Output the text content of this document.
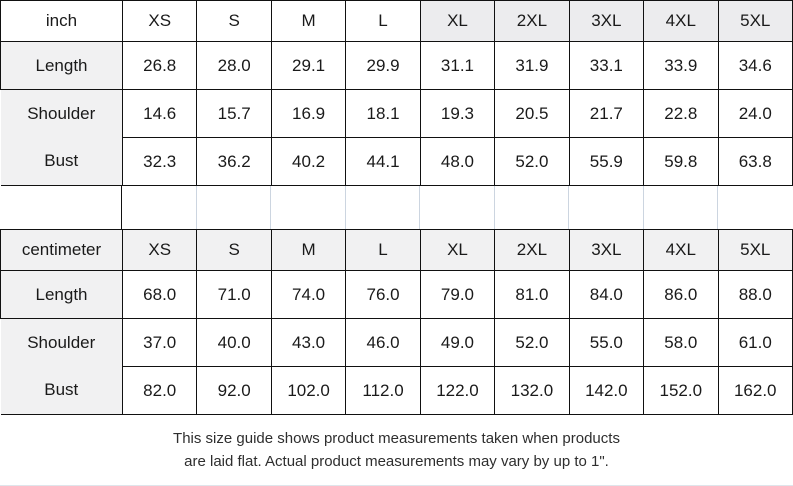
inch	XS	S	M	L	XL	2XL	3XL	4XL	5XL
Length	26.8	28.0	29.1	29.9	31.1	31.9	33.1	33.9	34.6
Shoulder	14.6	15.7	16.9	18.1	19.3	20.5	21.7	22.8	24.0
Bust	32.3	36.2	40.2	44.1	48.0	52.0	55.9	59.8	63.8
centimeter	XS	S	M	L	XL	2XL	3XL	4XL	5XL
Length	68.0	71.0	74.0	76.0	79.0	81.0	84.0	86.0	88.0
Shoulder	37.0	40.0	43.0	46.0	49.0	52.0	55.0	58.0	61.0
Bust	82.0	92.0	102.0	112.0	122.0	132.0	142.0	152.0	162.0

This size guide shows product measurements taken when products are laid flat. Actual product measurements may vary by up to 1".
